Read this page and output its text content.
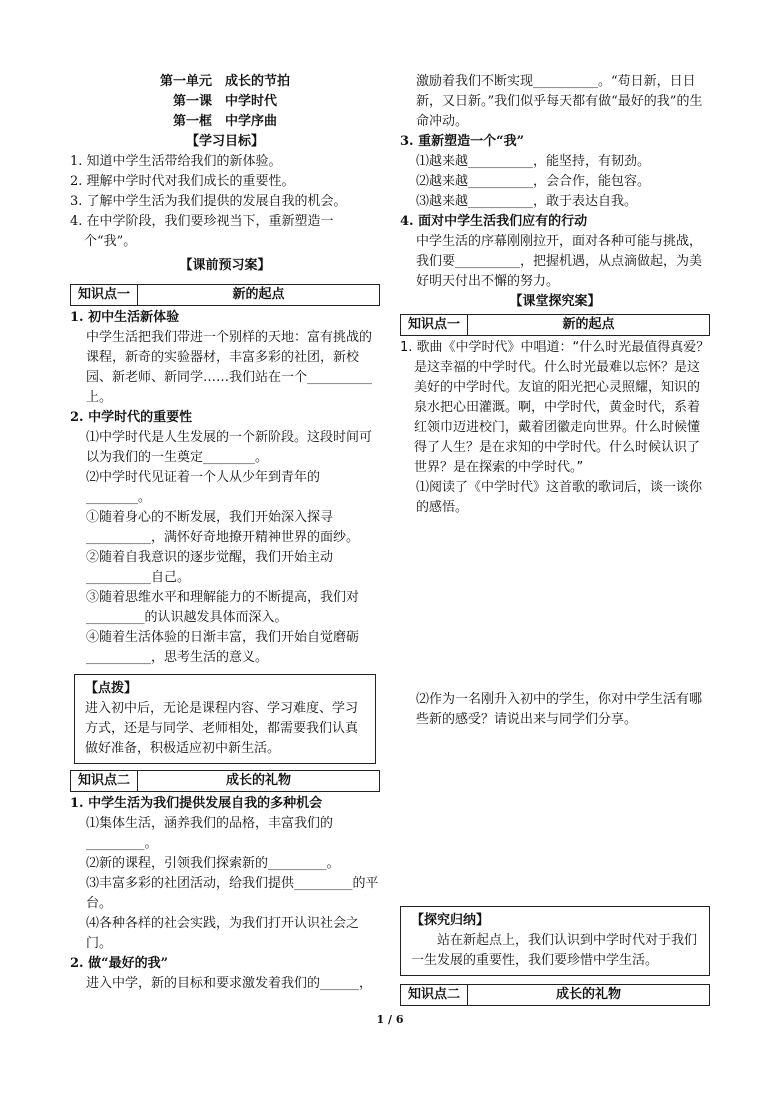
第一单元　成长的节拍

第一课　中学时代

第一框　中学序曲

【学习目标】

1. 知道中学生活带给我们的新体验。

2. 理解中学时代对我们成长的重要性。

3. 了解中学生活为我们提供的发展自我的机会。

4. 在中学阶段，我们要珍视当下，重新塑造一个“我”。

【课前预习案】

知识点一	新的起点

1. 初中生活新体验

中学生活把我们带进一个别样的天地：富有挑战的课程，新奇的实验器材，丰富多彩的社团，新校园、新老师、新同学……我们站在一个__________上。

2. 中学时代的重要性

⑴中学时代是人生发展的一个新阶段。这段时间可以为我们的一生奠定________。

⑵中学时代见证着一个人从少年到青年的________。

①随着身心的不断发展，我们开始深入探寻__________，满怀好奇地撩开精神世界的面纱。

②随着自我意识的逐步觉醒，我们开始主动__________自己。

③随着思维水平和理解能力的不断提高，我们对_________的认识越发具体而深入。

④随着生活体验的日渐丰富，我们开始自觉磨砺__________，思考生活的意义。

【点拨】

进入初中后，无论是课程内容、学习难度、学习方式，还是与同学、老师相处，都需要我们认真做好准备，积极适应初中新生活。

知识点二	成长的礼物

1. 中学生活为我们提供发展自我的多种机会

⑴集体生活，涵养我们的品格，丰富我们的_________。

⑵新的课程，引领我们探索新的_________。

⑶丰富多彩的社团活动，给我们提供_________的平台。

⑷各种各样的社会实践，为我们打开认识社会之门。

2. 做“最好的我”

进入中学，新的目标和要求激发着我们的______，

激励着我们不断实现__________。“苟日新，日日新，又日新。”我们似乎每天都有做“最好的我”的生命冲动。

3. 重新塑造一个“我”

⑴越来越__________，能坚持，有韧劲。

⑵越来越__________，会合作，能包容。

⑶越来越__________，敢于表达自我。

4. 面对中学生活我们应有的行动

中学生活的序幕刚刚拉开，面对各种可能与挑战，我们要__________，把握机遇，从点滴做起，为美好明天付出不懈的努力。

【课堂探究案】

知识点一	新的起点

1. 歌曲《中学时代》中唱道：“什么时光最值得真爱？是这幸福的中学时代。什么时光最难以忘怀？是这美好的中学时代。友谊的阳光把心灵照耀，知识的泉水把心田灌溉。啊，中学时代，黄金时代，系着红领巾迈进校门，戴着团徽走向世界。什么时候懂得了人生？是在求知的中学时代。什么时候认识了世界？是在探索的中学时代。”

⑴阅读了《中学时代》这首歌的歌词后，谈一谈你的感悟。

⑵作为一名刚升入初中的学生，你对中学生活有哪些新的感受？请说出来与同学们分享。

【探究归纳】

站在新起点上，我们认识到中学时代对于我们一生发展的重要性，我们要珍惜中学生活。

知识点二	成长的礼物
1 / 6
